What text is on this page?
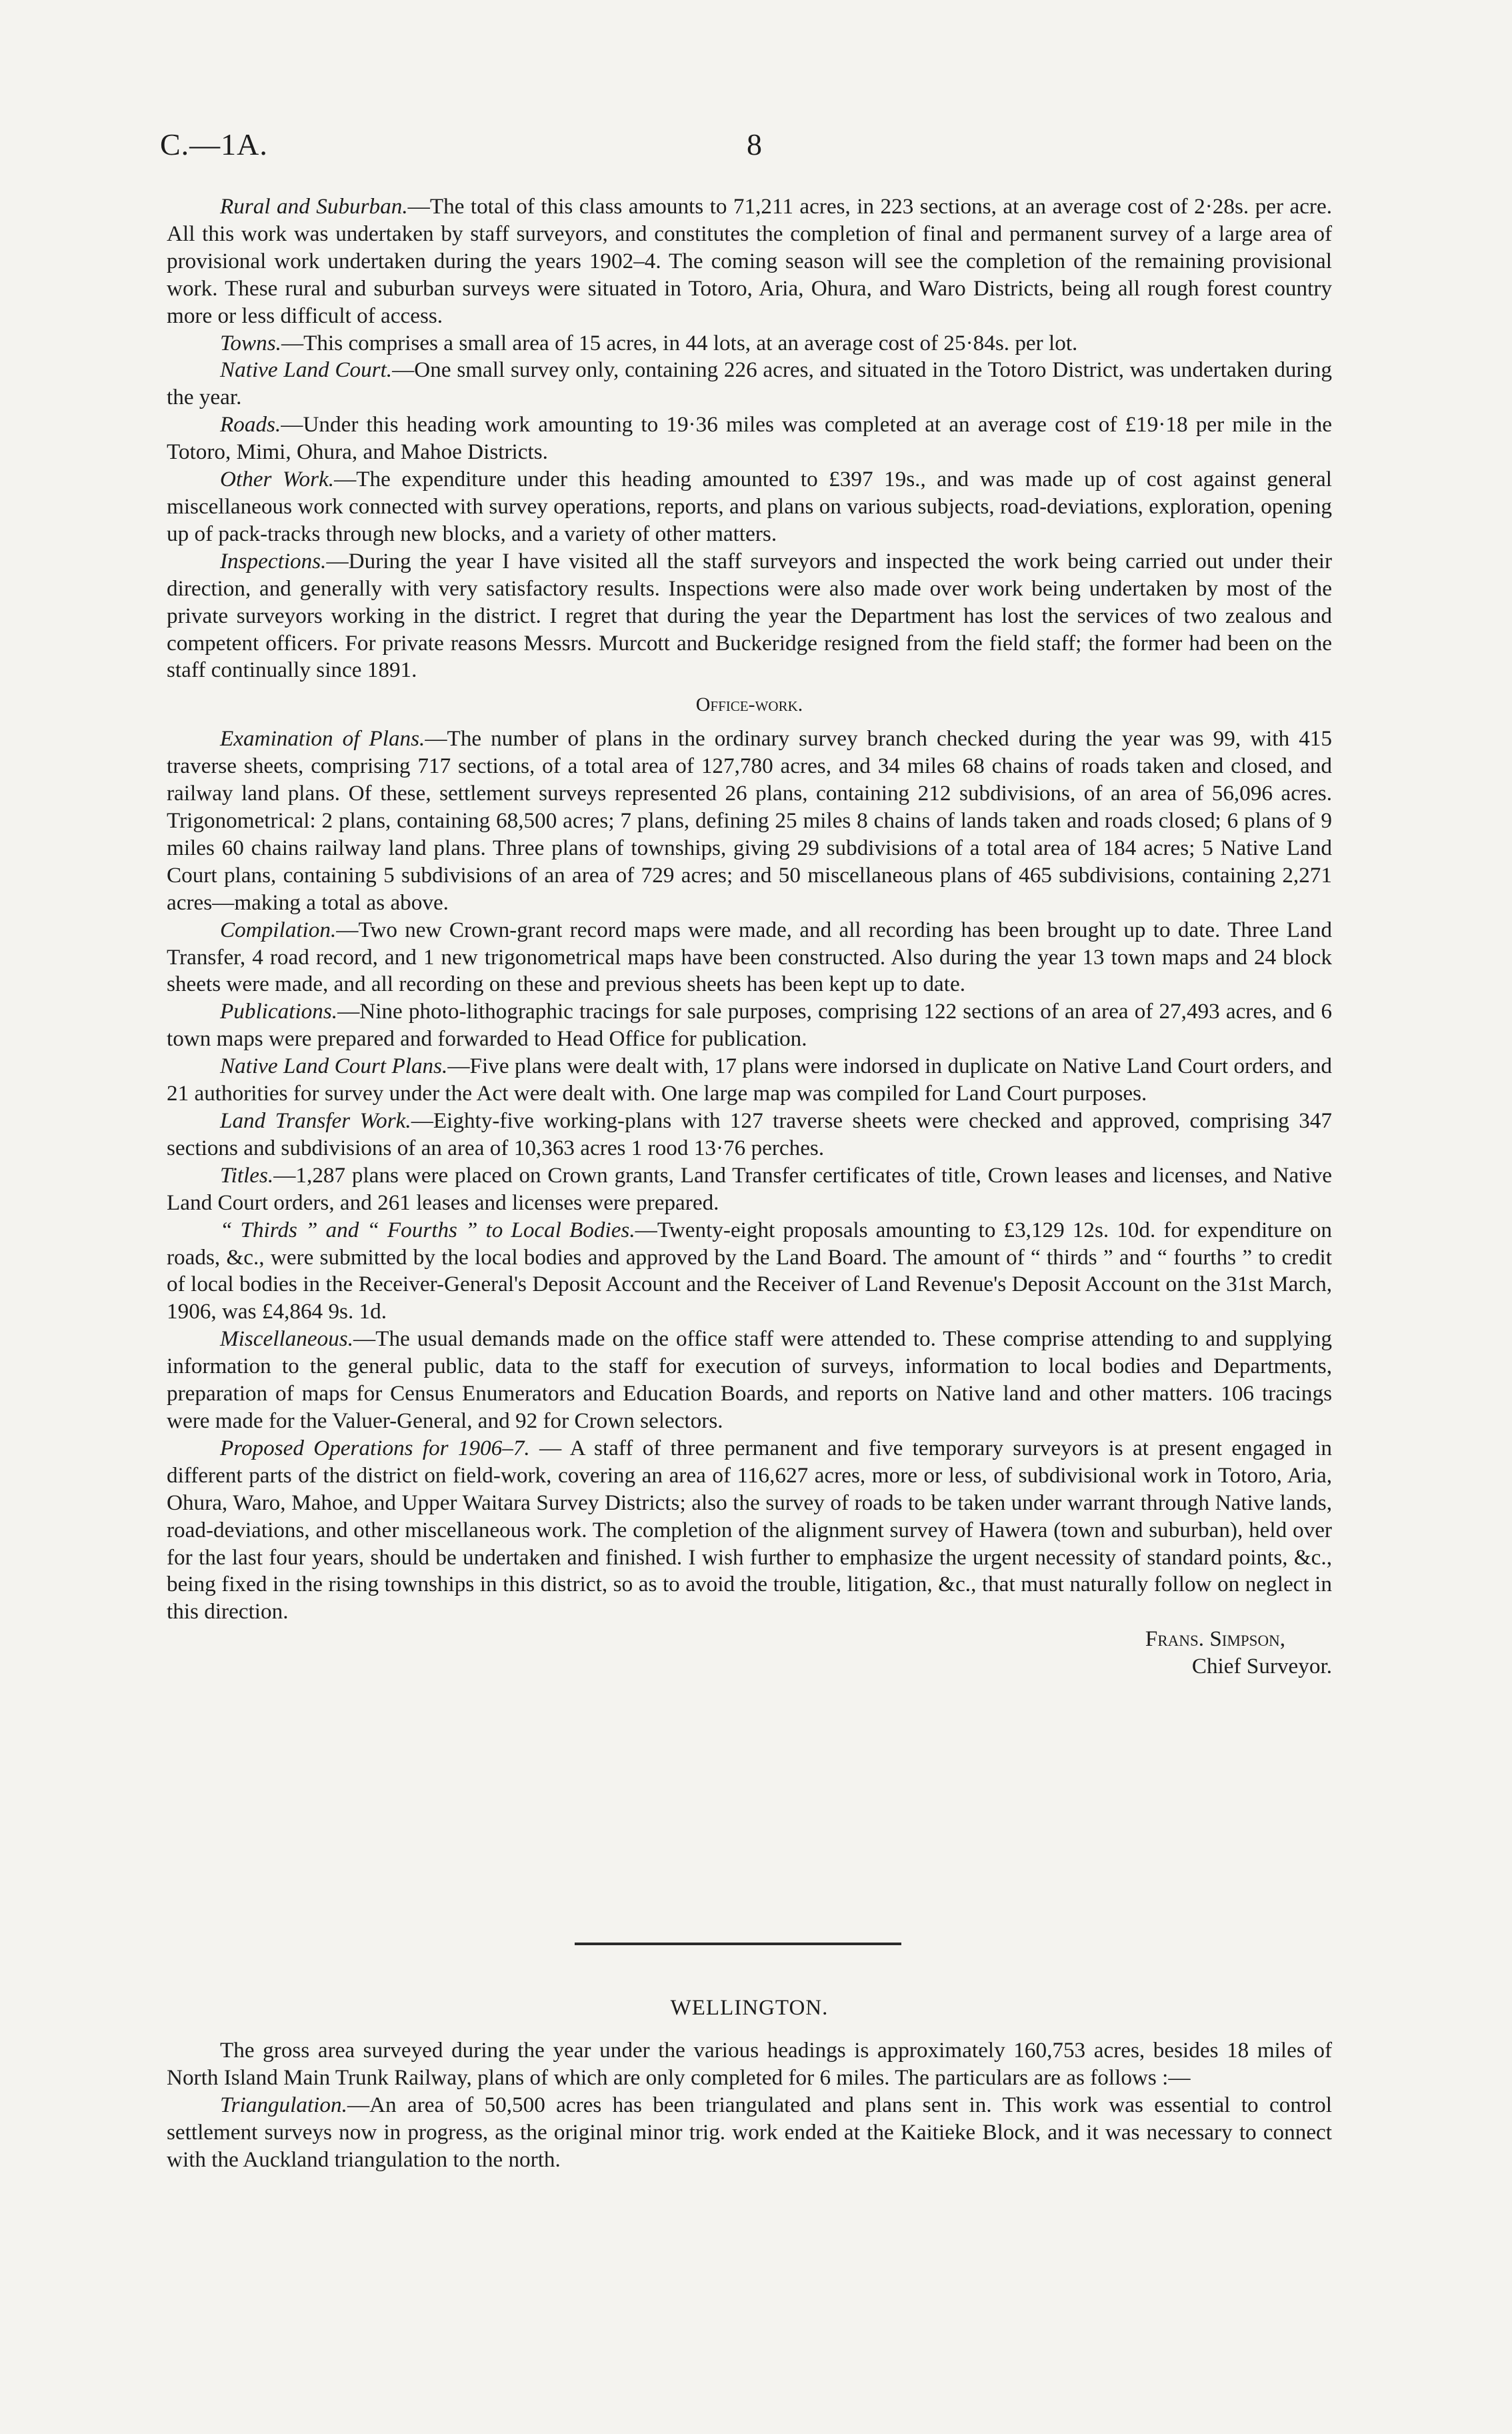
C.—1A.	8

Rural and Suburban.—The total of this class amounts to 71,211 acres, in 223 sections, at an average cost of 2·28s. per acre. All this work was undertaken by staff surveyors, and constitutes the completion of final and permanent survey of a large area of provisional work undertaken during the years 1902–4. The coming season will see the completion of the remaining provisional work. These rural and suburban surveys were situated in Totoro, Aria, Ohura, and Waro Districts, being all rough forest country more or less difficult of access.

Towns.—This comprises a small area of 15 acres, in 44 lots, at an average cost of 25·84s. per lot.

Native Land Court.—One small survey only, containing 226 acres, and situated in the Totoro District, was undertaken during the year.

Roads.—Under this heading work amounting to 19·36 miles was completed at an average cost of £19·18 per mile in the Totoro, Mimi, Ohura, and Mahoe Districts.

Other Work.—The expenditure under this heading amounted to £397 19s., and was made up of cost against general miscellaneous work connected with survey operations, reports, and plans on various subjects, road-deviations, exploration, opening up of pack-tracks through new blocks, and a variety of other matters.

Inspections.—During the year I have visited all the staff surveyors and inspected the work being carried out under their direction, and generally with very satisfactory results. Inspections were also made over work being undertaken by most of the private surveyors working in the district. I regret that during the year the Department has lost the services of two zealous and competent officers. For private reasons Messrs. Murcott and Buckeridge resigned from the field staff; the former had been on the staff continually since 1891.

Office-work.

Examination of Plans.—The number of plans in the ordinary survey branch checked during the year was 99, with 415 traverse sheets, comprising 717 sections, of a total area of 127,780 acres, and 34 miles 68 chains of roads taken and closed, and railway land plans. Of these, settlement surveys represented 26 plans, containing 212 subdivisions, of an area of 56,096 acres. Trigonometrical: 2 plans, containing 68,500 acres; 7 plans, defining 25 miles 8 chains of lands taken and roads closed; 6 plans of 9 miles 60 chains railway land plans. Three plans of townships, giving 29 subdivisions of a total area of 184 acres; 5 Native Land Court plans, containing 5 subdivisions of an area of 729 acres; and 50 miscellaneous plans of 465 subdivisions, containing 2,271 acres—making a total as above.

Compilation.—Two new Crown-grant record maps were made, and all recording has been brought up to date. Three Land Transfer, 4 road record, and 1 new trigonometrical maps have been constructed. Also during the year 13 town maps and 24 block sheets were made, and all recording on these and previous sheets has been kept up to date.

Publications.—Nine photo-lithographic tracings for sale purposes, comprising 122 sections of an area of 27,493 acres, and 6 town maps were prepared and forwarded to Head Office for publication.

Native Land Court Plans.—Five plans were dealt with, 17 plans were indorsed in duplicate on Native Land Court orders, and 21 authorities for survey under the Act were dealt with. One large map was compiled for Land Court purposes.

Land Transfer Work.—Eighty-five working-plans with 127 traverse sheets were checked and approved, comprising 347 sections and subdivisions of an area of 10,363 acres 1 rood 13·76 perches.

Titles.—1,287 plans were placed on Crown grants, Land Transfer certificates of title, Crown leases and licenses, and Native Land Court orders, and 261 leases and licenses were prepared.

“ Thirds ” and “ Fourths ” to Local Bodies.—Twenty-eight proposals amounting to £3,129 12s. 10d. for expenditure on roads, &c., were submitted by the local bodies and approved by the Land Board. The amount of “ thirds ” and “ fourths ” to credit of local bodies in the Receiver-General's Deposit Account and the Receiver of Land Revenue's Deposit Account on the 31st March, 1906, was £4,864 9s. 1d.

Miscellaneous.—The usual demands made on the office staff were attended to. These comprise attending to and supplying information to the general public, data to the staff for execution of surveys, information to local bodies and Departments, preparation of maps for Census Enumerators and Education Boards, and reports on Native land and other matters. 106 tracings were made for the Valuer-General, and 92 for Crown selectors.

Proposed Operations for 1906–7. — A staff of three permanent and five temporary surveyors is at present engaged in different parts of the district on field-work, covering an area of 116,627 acres, more or less, of subdivisional work in Totoro, Aria, Ohura, Waro, Mahoe, and Upper Waitara Survey Districts; also the survey of roads to be taken under warrant through Native lands, road-deviations, and other miscellaneous work. The completion of the alignment survey of Hawera (town and suburban), held over for the last four years, should be undertaken and finished. I wish further to emphasize the urgent necessity of standard points, &c., being fixed in the rising townships in this district, so as to avoid the trouble, litigation, &c., that must naturally follow on neglect in this direction.

Frans. Simpson,

Chief Surveyor.

WELLINGTON.

The gross area surveyed during the year under the various headings is approximately 160,753 acres, besides 18 miles of North Island Main Trunk Railway, plans of which are only completed for 6 miles. The particulars are as follows :—

Triangulation.—An area of 50,500 acres has been triangulated and plans sent in. This work was essential to control settlement surveys now in progress, as the original minor trig. work ended at the Kaitieke Block, and it was necessary to connect with the Auckland triangulation to the north.
